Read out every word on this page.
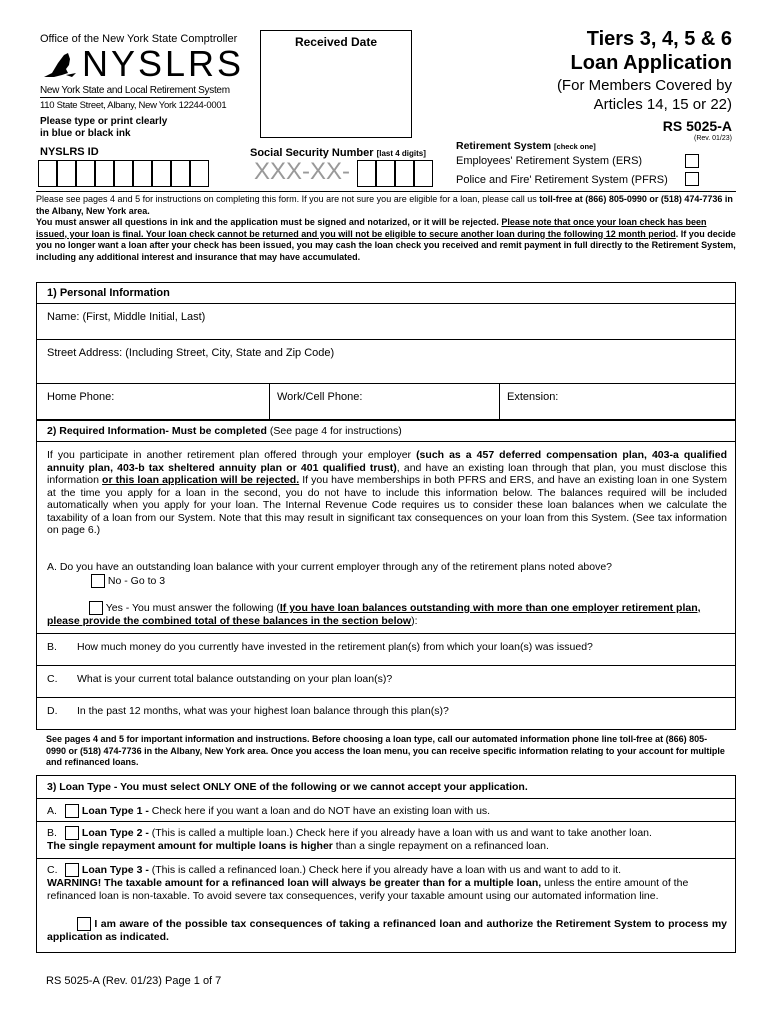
Office of the New York State Comptroller
NYSLRS
New York State and Local Retirement System
110 State Street, Albany, New York 12244-0001
Please type or print clearly
in blue or black ink
Received Date	Tiers 3, 4, 5 & 6
Loan Application
(For Members Covered by
Articles 14, 15 or 22)
RS 5025-A
(Rev. 01/23)
NYSLRS ID	Social Security Number [last 4 digits]
XXX-XX-
Retirement System [check one]
Employees' Retirement System (ERS)
Police and Fire' Retirement System (PFRS)

Please see pages 4 and 5 for instructions on completing this form. If you are not sure you are eligible for a loan, please call us toll-free at (866) 805-0990 or (518) 474-7736 in the Albany, New York area.

You must answer all questions in ink and the application must be signed and notarized, or it will be rejected. Please note that once your loan check has been issued, your loan is final. Your loan check cannot be returned and you will not be eligible to secure another loan during the following 12 month period. If you decide you no longer want a loan after your check has been issued, you may cash the loan check you received and remit payment in full directly to the Retirement System, including any additional interest and insurance that may have accumulated.

1) Personal Information
Name: (First, Middle Initial, Last)
Street Address: (Including Street, City, State and Zip Code)
Home Phone:	Work/Cell Phone:	Extension:
2) Required Information- Must be completed (See page 4 for instructions)

If you participate in another retirement plan offered through your employer (such as a 457 deferred compensation plan, 403-a qualified annuity plan, 403-b tax sheltered annuity plan or 401 qualified trust), and have an existing loan through that plan, you must disclose this information or this loan application will be rejected. If you have memberships in both PFRS and ERS, and have an existing loan in one System at the time you apply for a loan in the second, you do not have to include this information below. The balances required will be included automatically when you apply for your loan. The Internal Revenue Code requires us to consider these loan balances when we calculate the taxability of a loan from our System. Note that this may result in significant tax consequences on your loan from this System. (See tax information on page 6.)

A. Do you have an outstanding loan balance with your current employer through any of the retirement plans noted above?
No - Go to 3
Yes - You must answer the following (If you have loan balances outstanding with more than one employer retirement plan, please provide the combined total of these balances in the section below):
B. How much money do you currently have invested in the retirement plan(s) from which your loan(s) was issued?
C. What is your current total balance outstanding on your plan loan(s)?
D. In the past 12 months, what was your highest loan balance through this plan(s)?
See pages 4 and 5 for important information and instructions. Before choosing a loan type, call our automated information phone line toll-free at (866) 805-0990 or (518) 474-7736 in the Albany, New York area. Once you access the loan menu, you can receive specific information relating to your account for multiple and refinanced loans.
3) Loan Type - You must select ONLY ONE of the following or we cannot accept your application.
A. Loan Type 1 - Check here if you want a loan and do NOT have an existing loan with us.
B. Loan Type 2 - (This is called a multiple loan.) Check here if you already have a loan with us and want to take another loan.
The single repayment amount for multiple loans is higher than a single repayment on a refinanced loan.
C. Loan Type 3 - (This is called a refinanced loan.) Check here if you already have a loan with us and want to add to it.
WARNING! The taxable amount for a refinanced loan will always be greater than for a multiple loan, unless the entire amount of the refinanced loan is non-taxable. To avoid severe tax consequences, verify your taxable amount using our automated information line.
I am aware of the possible tax consequences of taking a refinanced loan and authorize the Retirement System to process my application as indicated.
RS 5025-A (Rev. 01/23) Page 1 of 7
